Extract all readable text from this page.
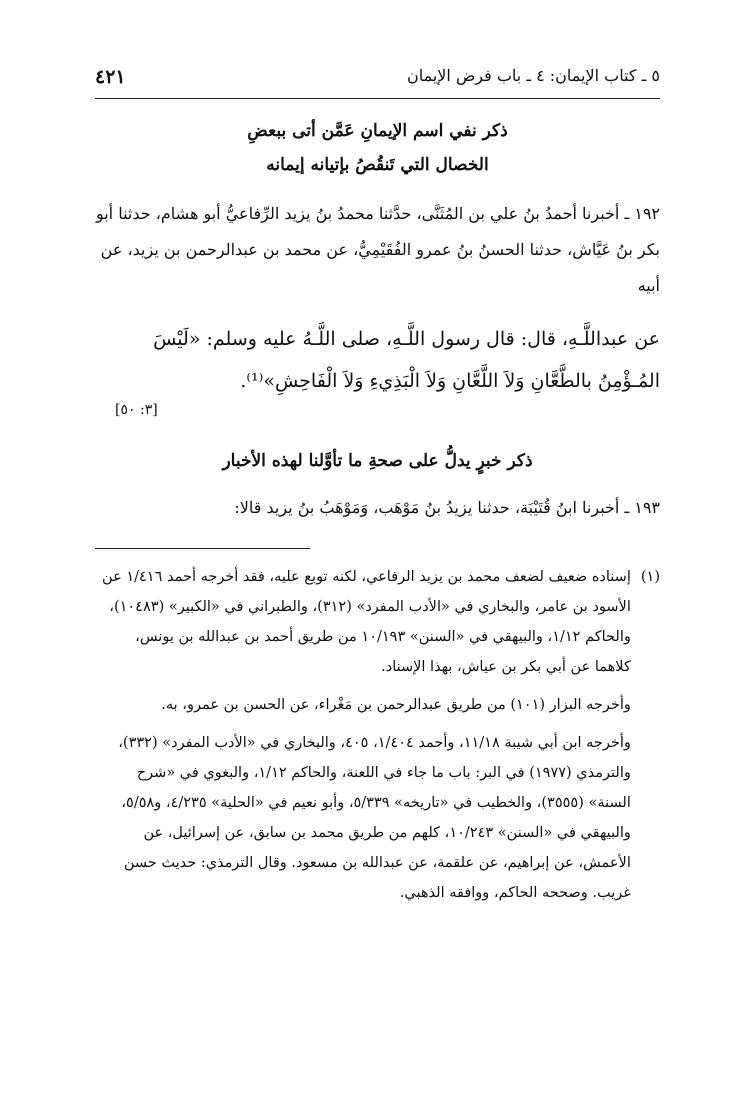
٥ ـ كتاب الإيمان: ٤ ـ باب فرض الإيمان
٤٢١
ذكر نفي اسم الإيمانِ عَمَّن أتى ببعضِ
الخصال التي تَنقُصُ بإتيانه إيمانه
١٩٢ ـ أخبرنا أحمدُ بنُ علي بن المُثَنَّى، حدَّثنا محمدُ بنُ يزيد الرِّفاعيُّ أبو هشام، حدثنا أبو بكر بنُ عَيَّاش، حدثنا الحسنُ بنُ عمرو الفُقَيْمِيُّ، عن محمد بن عبدالرحمن بن يزيد، عن أبيه
عن عبداللَّـهِ، قال: قال رسول اللَّـهِ، صلى اللَّـهُ عليه وسلم: «لَيْسَ المُـؤْمِنُ بالطَّعَّانِ وَلاَ اللَّعَّانِ وَلاَ الْبَذِيءِ وَلاَ الْفَاحِشِ»⁽¹⁾.
[٣: ٥٠]
ذكر خبرٍ يدلُّ على صحةِ ما تأوَّلنا لهذه الأخبار
١٩٣ ـ أخبرنا ابنُ قُتَيْبَة، حدثنا يزيدُ بنُ مَوْهَب، وَمَوْهَبُ بنُ يزيد قالا:
(١)

إسناده ضعيف لضعف محمد بن يزيد الرفاعي، لكنه توبع عليه، فقد أخرجه أحمد ١/٤١٦ عن الأسود بن عامر، والبخاري في «الأدب المفرد» (٣١٢)، والطبراني في «الكبير» (١٠٤٨٣)، والحاكم ١/١٢، والبيهقي في «السنن» ١٠/١٩٣ من طريق أحمد بن عبدالله بن يونس، كلاهما عن أبي بكر بن عياش، بهذا الإسناد.

وأخرجه البزار (١٠١) من طريق عبدالرحمن بن مَغْراء، عن الحسن بن عمرو، به.

وأخرجه ابن أبي شيبة ١١/١٨، وأحمد ١/٤٠٤، ٤٠٥، والبخاري في «الأدب المفرد» (٣٣٢)، والترمذي (١٩٧٧) في البر: باب ما جاء في اللعنة، والحاكم ١/١٢، والبغوي في «شرح السنة» (٣٥٥٥)، والخطيب في «تاريخه» ٥/٣٣٩، وأبو نعيم في «الحلية» ٤/٢٣٥، و٥/٥٨، والبيهقي في «السنن» ١٠/٢٤٣، كلهم من طريق محمد بن سابق، عن إسرائيل، عن الأعمش، عن إبراهيم، عن علقمة، عن عبدالله بن مسعود. وقال الترمذي: حديث حسن غريب. وصححه الحاكم، ووافقه الذهبي.
